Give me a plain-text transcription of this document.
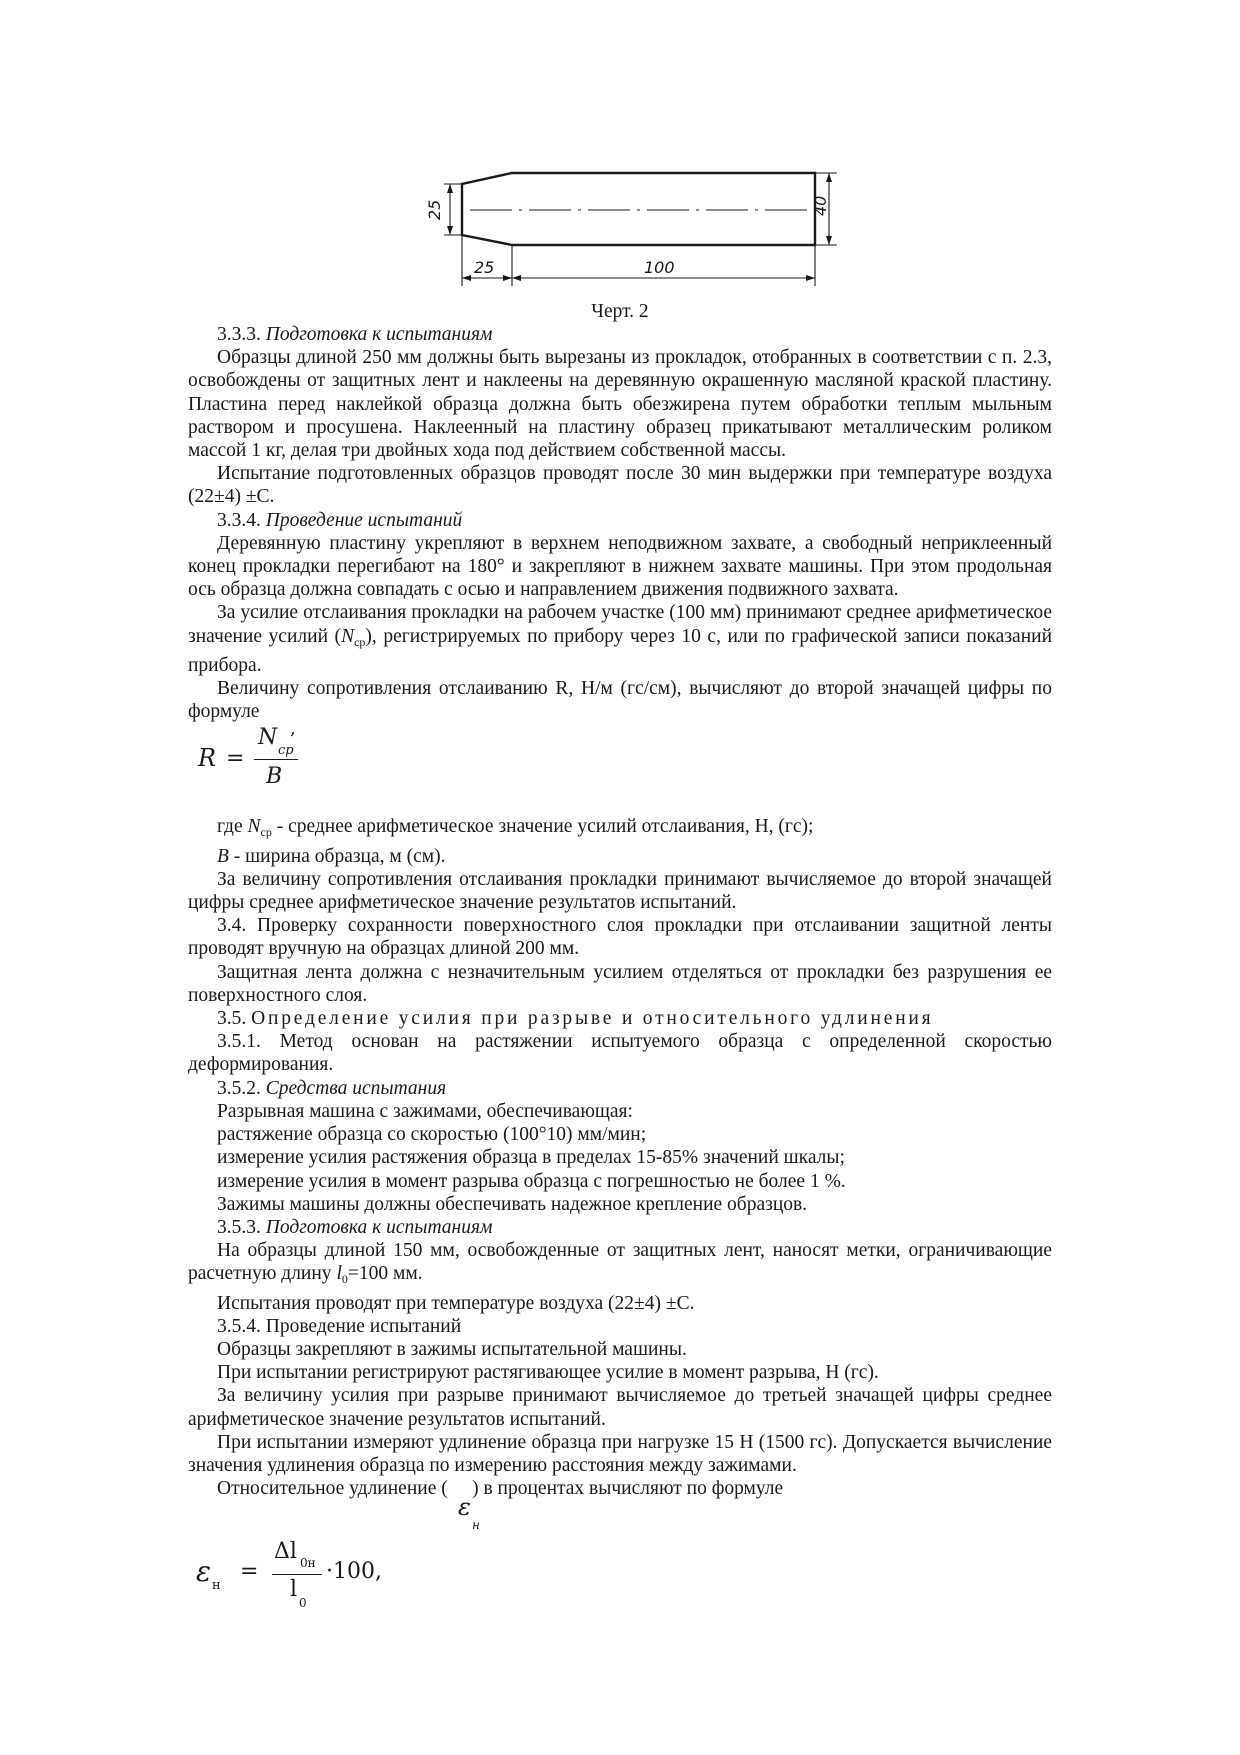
25	40
25	100
Черт. 2

3.3.3. Подготовка к испытаниям

Образцы длиной 250 мм должны быть вырезаны из прокладок, отобранных в соответствии с п. 2.3, освобождены от защитных лент и наклеены на деревянную окрашенную масляной краской пластину. Пластина перед наклейкой образца должна быть обезжирена путем обработки теплым мыльным раствором и просушена. Наклеенный на пластину образец прикатывают металлическим роликом массой 1 кг, делая три двойных хода под действием собственной массы.

Испытание подготовленных образцов проводят после 30 мин выдержки при температуре воздуха (22±4) ±С.

3.3.4. Проведение испытаний

Деревянную пластину укрепляют в верхнем неподвижном захвате, а свободный неприклеенный конец прокладки перегибают на 180° и закрепляют в нижнем захвате машины. При этом продольная ось образца должна совпадать с осью и направлением движения подвижного захвата.

За усилие отслаивания прокладки на рабочем участке (100 мм) принимают среднее арифметическое значение усилий $(N_{ср})$, регистрируемых по прибору через 10 с, или по графической записи показаний прибора.

Величину сопротивления отслаиванию R, Н/м (гс/см), вычисляют до второй значащей цифры по формуле

,
R =
N
ср
B

где $N_{ср}$ - среднее арифметическое значение усилий отслаивания, Н, (гс);

B - ширина образца, м (см).

За величину сопротивления отслаивания прокладки принимают вычисляемое до второй значащей цифры среднее арифметическое значение результатов испытаний.

3.4. Проверку сохранности поверхностного слоя прокладки при отслаивании защитной ленты проводят вручную на образцах длиной 200 мм.

Защитная лента должна с незначительным усилием отделяться от прокладки без разрушения ее поверхностного слоя.

3.5. Определение усилия при разрыве и относительного удлинения

3.5.1. Метод основан на растяжении испытуемого образца с определенной скоростью деформирования.

3.5.2. Средства испытания

Разрывная машина с зажимами, обеспечивающая:

растяжение образца со скоростью (100°10) мм/мин;

измерение усилия растяжения образца в пределах 15-85% значений шкалы;

измерение усилия в момент разрыва образца с погрешностью не более 1 %.

Зажимы машины должны обеспечивать надежное крепление образцов.

3.5.3. Подготовка к испытаниям

На образцы длиной 150 мм, освобожденные от защитных лент, наносят метки, ограничивающие расчетную длину $l_0=100$ мм.

Испытания проводят при температуре воздуха (22±4) ±С.

3.5.4. Проведение испытаний

Образцы закрепляют в зажимы испытательной машины.

При испытании регистрируют растягивающее усилие в момент разрыва, Н (гс).

За величину усилия при разрыве принимают вычисляемое до третьей значащей цифры среднее арифметическое значение результатов испытаний.

При испытании измеряют удлинение образца при нагрузке 15 Н (1500 гс). Допускается вычисление значения удлинения образца по измерению расстояния между зажимами.

Относительное удлинение ( ) в процентах вычисляют по формуле

ε
н
ε н
=
Δl 0н
l
0
·100,
